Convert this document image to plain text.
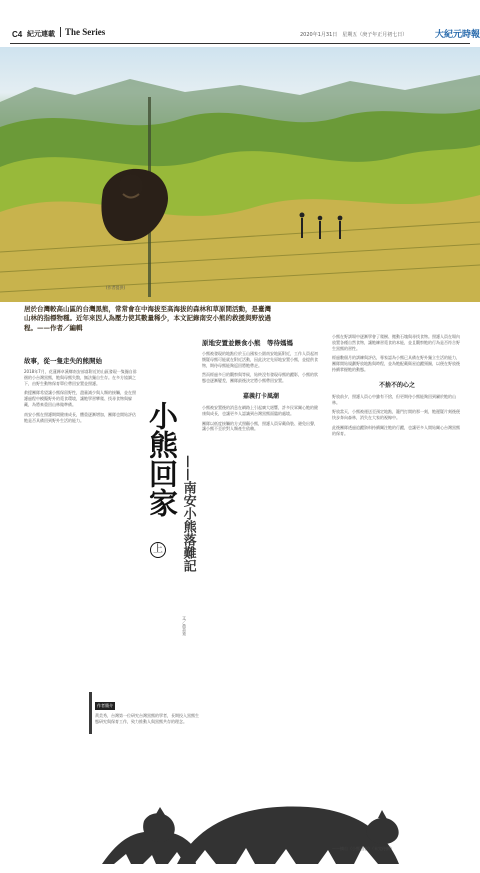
C4 紀元連載	The Series	2020年1月31日　星期五（庚子年正月初七日）	大紀元時報
(作者提供)
居於台灣較高山區的台灣黑熊，常常會在中海拔至高海拔的森林和草原間活動，是臺灣山林的指標物種。近年來因人為壓力使其數量稀少，本文記錄南安小熊的救援與野放過程。——作者／編輯
故事，從一隻走失的熊開始

2018年7月，花蓮縣卓溪鄉南安部落附近的山區發現一隻獨自徘徊的小台灣黑熊，牠與母熊失散，無法獨自生存。在多方協調之下，由野生動物保育單位帶回安置並照護。

救援團隊希望讓小熊保留野性，盡量減少與人類的接觸，並在照護過程中模擬野外的覓食環境，讓牠學習攀爬、找尋食物與躲藏，為將來重回山林做準備。

南安小熊在照護期間健康成長，體重逐漸增加，團隊也開始評估牠是否具備回到野外生活的能力。	小熊回家 ——南安小熊落難記
上
文／黃美秀
原地安置並餵食小熊　等待媽媽

小熊被發現的地點位於玉山國家公園南安地區附近，工作人員起初懷疑母熊可能就在附近活動，因此決定先原地安置小熊，並提供食物，期待母熊能夠返回將牠帶走。

然而經過多日的觀察與等候，始終沒有發現母熊的蹤影，小熊的狀態也逐漸變差，團隊最後決定將小熊帶回安置。

嘉義打卡風潮

小熊被安置後的消息在網路上引起廣大迴響，許多民眾關心牠的健康與成長，也讓更多人認識到台灣黑熊面臨的處境。

團隊以低度接觸的方式照顧小熊，照護人員穿戴偽裝、避免出聲，讓小熊不至於對人類產生依賴。

小熊在野訓場中逐漸學會了爬樹、搬動石塊與尋找食物。照護人員在場內放置各種自然食物，讓牠練習覓食的本能，並且觀察牠的行為是否符合野生黑熊的習性。

經過數個月的訓練與評估，專家認為小熊已具備在野外獨立生活的能力，團隊開始規劃野放地點與時程，並為牠配戴衛星追蹤頸圈，以便在野放後持續掌握牠的動態。

不捨不的心之

野放前夕，照護人員心中雖有不捨，但更期待小熊能夠回到屬於牠的山林。

野放當天，小熊被運送至預定地點，籠門打開的那一刻，牠遲疑片刻後便快步奔向森林，消失在大家的視線中。

此後團隊透過追蹤資料持續關注牠的行蹤，也讓更多人開始關心台灣黑熊的保育。

作者簡介
黃美秀，台灣第一位研究台灣黑熊的學者，長期投入黑熊生態研究與保育工作，致力推動人與黑熊共存的理念。
——摘自《小熊回家》（未完待續）
